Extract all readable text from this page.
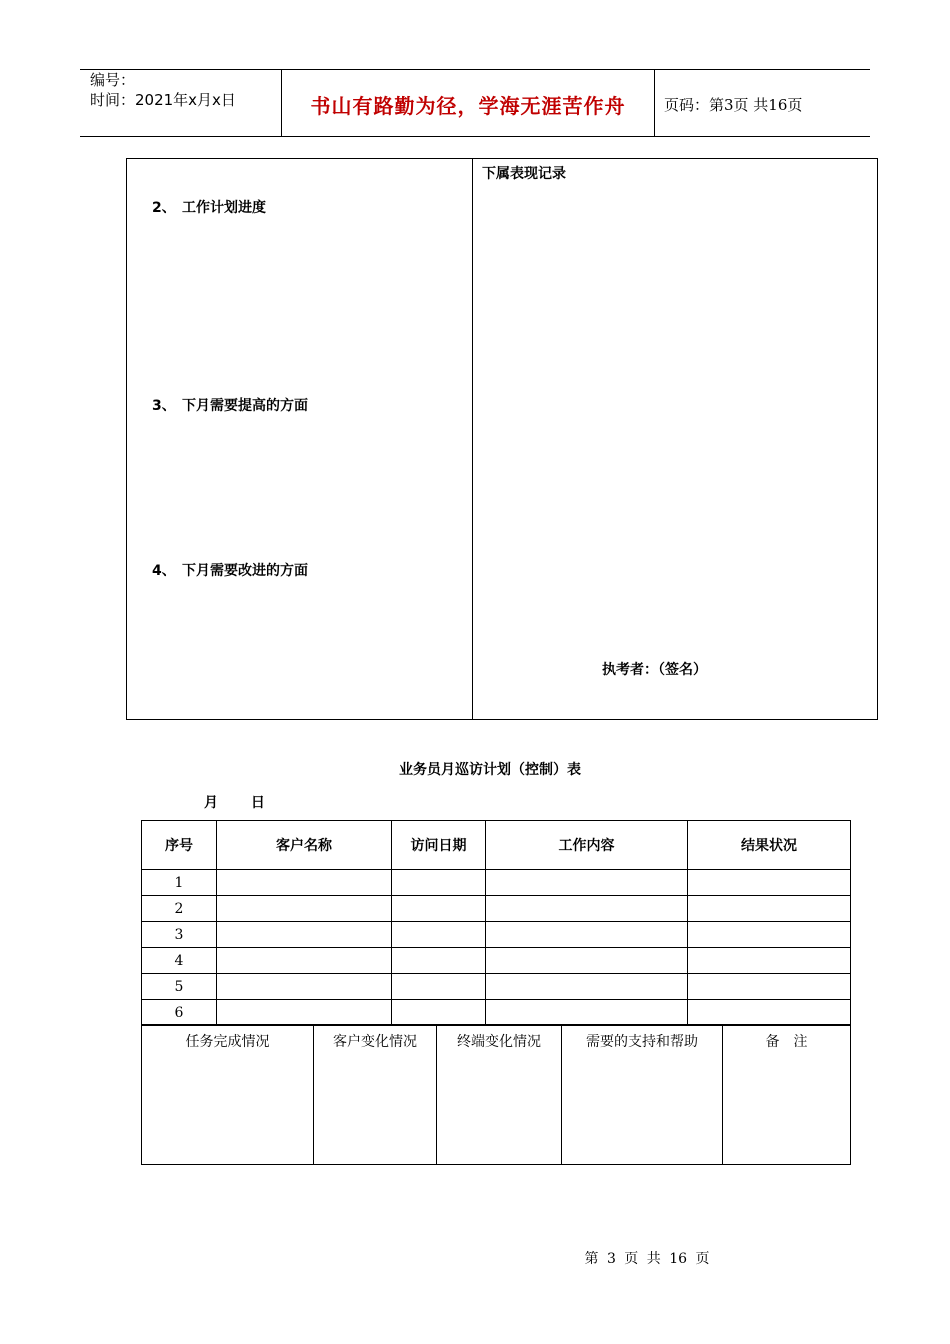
编号：
时间：2021年x月x日	书山有路勤为径，学海无涯苦作舟	页码：第3页 共16页
2、 工作计划进度
3、 下月需要提高的方面
4、 下月需要改进的方面
下属表现记录
执考者：（签名）
业务员月巡访计划（控制）表
月 日
序号	客户名称	访问日期	工作内容	结果状况
1				
2				
3				
4				
5				
6				
任务完成情况	客户变化情况	终端变化情况	需要的支持和帮助	备　注
第 3 页 共 16 页
